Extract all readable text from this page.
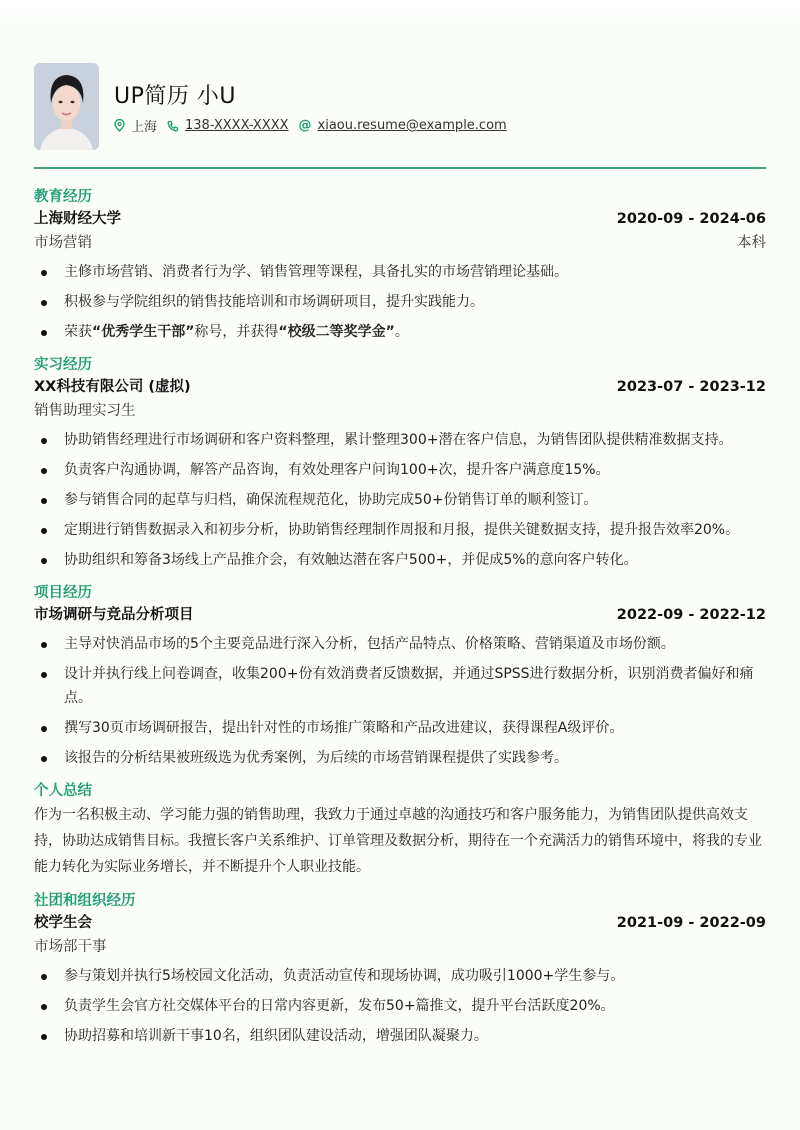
UP简历 小U
上海 138-XXXX-XXXX @ xiaou.resume@example.com
教育经历
上海财经大学	2020-09 - 2024-06
市场营销	本科
主修市场营销、消费者行为学、销售管理等课程，具备扎实的市场营销理论基础。
积极参与学院组织的销售技能培训和市场调研项目，提升实践能力。
荣获“优秀学生干部”称号，并获得“校级二等奖学金”。
实习经历
XX科技有限公司 (虚拟)	2023-07 - 2023-12
销售助理实习生
协助销售经理进行市场调研和客户资料整理，累计整理300+潜在客户信息，为销售团队提供精准数据支持。
负责客户沟通协调，解答产品咨询，有效处理客户问询100+次，提升客户满意度15%。
参与销售合同的起草与归档，确保流程规范化，协助完成50+份销售订单的顺利签订。
定期进行销售数据录入和初步分析，协助销售经理制作周报和月报，提供关键数据支持，提升报告效率20%。
协助组织和筹备3场线上产品推介会，有效触达潜在客户500+，并促成5%的意向客户转化。
项目经历
市场调研与竞品分析项目	2022-09 - 2022-12
主导对快消品市场的5个主要竞品进行深入分析，包括产品特点、价格策略、营销渠道及市场份额。
设计并执行线上问卷调查，收集200+份有效消费者反馈数据，并通过SPSS进行数据分析，识别消费者偏好和痛点。
撰写30页市场调研报告，提出针对性的市场推广策略和产品改进建议，获得课程A级评价。
该报告的分析结果被班级选为优秀案例，为后续的市场营销课程提供了实践参考。
个人总结
作为一名积极主动、学习能力强的销售助理，我致力于通过卓越的沟通技巧和客户服务能力，为销售团队提供高效支持，协助达成销售目标。我擅长客户关系维护、订单管理及数据分析，期待在一个充满活力的销售环境中，将我的专业能力转化为实际业务增长，并不断提升个人职业技能。
社团和组织经历
校学生会	2021-09 - 2022-09
市场部干事
参与策划并执行5场校园文化活动，负责活动宣传和现场协调，成功吸引1000+学生参与。
负责学生会官方社交媒体平台的日常内容更新，发布50+篇推文，提升平台活跃度20%。
协助招募和培训新干事10名，组织团队建设活动，增强团队凝聚力。
